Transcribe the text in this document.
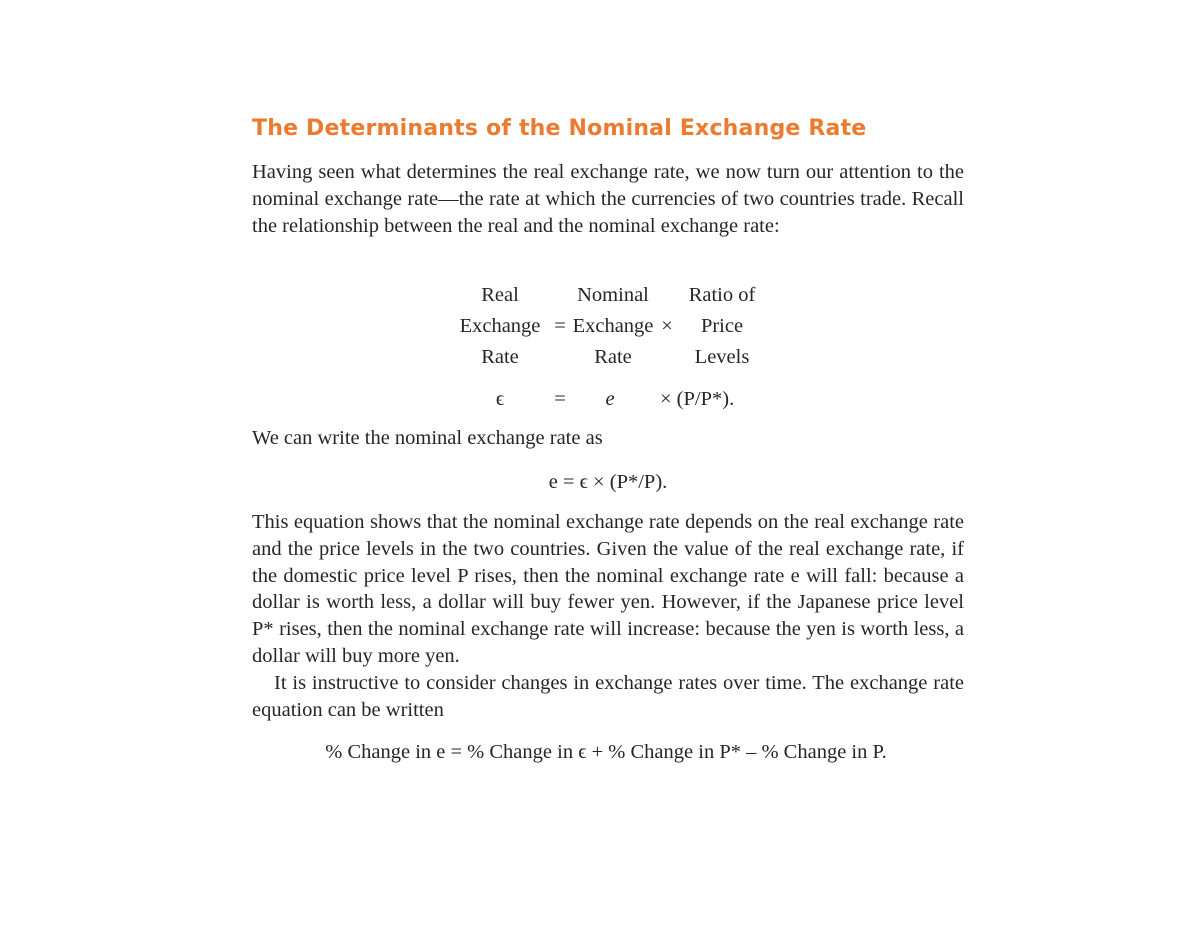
The Determinants of the Nominal Exchange Rate

Having seen what determines the real exchange rate, we now turn our attention to the nominal exchange rate—the rate at which the currencies of two countries trade. Recall the relationship between the real and the nominal exchange rate:

Real
Exchange
Rate
=
Nominal
Exchange
Rate
×
Ratio of
Price
Levels
ϵ = e × (P/P*).

We can write the nominal exchange rate as

e = ϵ × (P*/P).

This equation shows that the nominal exchange rate depends on the real exchange rate and the price levels in the two countries. Given the value of the real exchange rate, if the domestic price level P rises, then the nominal exchange rate e will fall: because a dollar is worth less, a dollar will buy fewer yen. However, if the Japanese price level P* rises, then the nominal exchange rate will increase: because the yen is worth less, a dollar will buy more yen.

It is instructive to consider changes in exchange rates over time. The exchange rate equation can be written

% Change in e = % Change in ϵ + % Change in P* – % Change in P.
